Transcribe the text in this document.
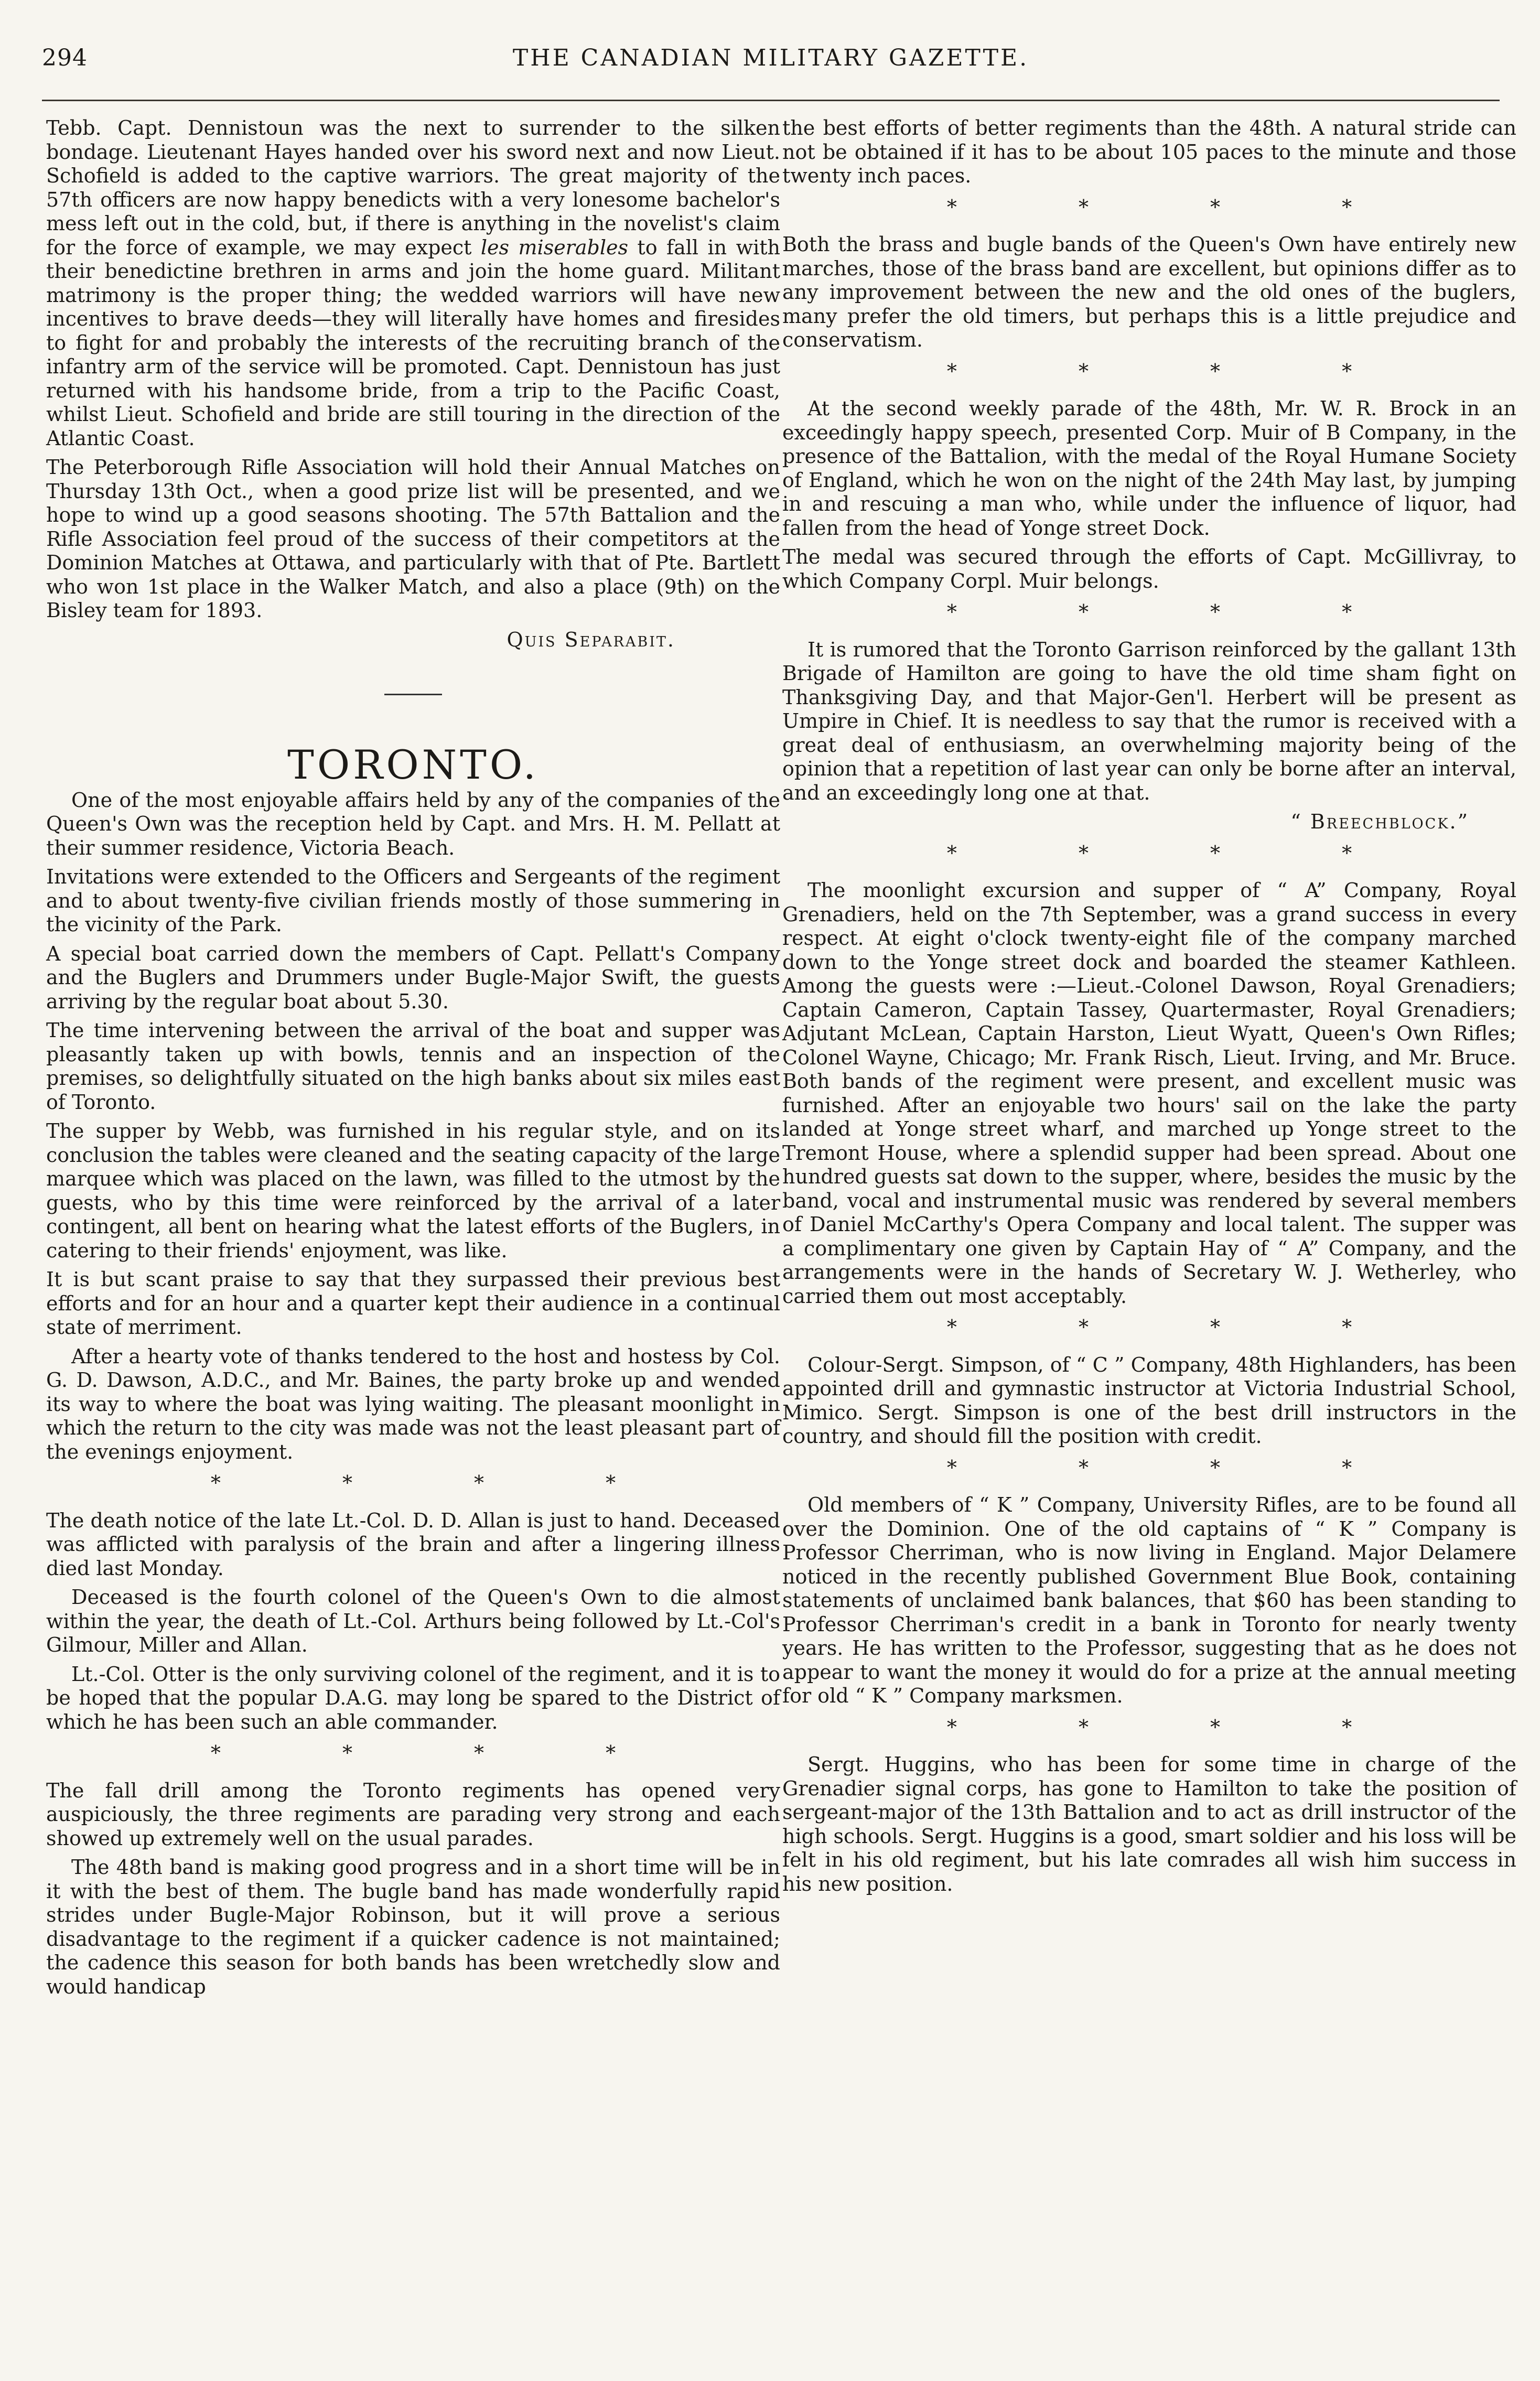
294	THE CANADIAN MILITARY GAZETTE.

Tebb. Capt. Dennistoun was the next to surrender to the silken bondage. Lieutenant Hayes handed over his sword next and now Lieut. Schofield is added to the captive warriors. The great majority of the 57th officers are now happy benedicts with a very lonesome bachelor's mess left out in the cold, but, if there is anything in the novelist's claim for the force of example, we may expect les miserables to fall in with their benedictine brethren in arms and join the home guard. Militant matrimony is the proper thing; the wedded warriors will have new incentives to brave deeds—they will literally have homes and firesides to fight for and probably the interests of the recruiting branch of the infantry arm of the service will be promoted. Capt. Dennistoun has just returned with his handsome bride, from a trip to the Pacific Coast, whilst Lieut. Schofield and bride are still touring in the direction of the Atlantic Coast.

The Peterborough Rifle Association will hold their Annual Matches on Thursday 13th Oct., when a good prize list will be presented, and we hope to wind up a good seasons shooting. The 57th Battalion and the Rifle Association feel proud of the success of their competitors at the Dominion Matches at Ottawa, and particularly with that of Pte. Bartlett who won 1st place in the Walker Match, and also a place (9th) on the Bisley team for 1893.

Quis Separabit.
TORONTO.

One of the most enjoyable affairs held by any of the companies of the Queen's Own was the reception held by Capt. and Mrs. H. M. Pellatt at their summer residence, Victoria Beach.

Invitations were extended to the Officers and Sergeants of the regiment and to about twenty-five civilian friends mostly of those summering in the vicinity of the Park.

A special boat carried down the members of Capt. Pellatt's Company and the Buglers and Drummers under Bugle-Major Swift, the guests arriving by the regular boat about 5.30.

The time intervening between the arrival of the boat and supper was pleasantly taken up with bowls, tennis and an inspection of the premises, so delightfully situated on the high banks about six miles east of Toronto.

The supper by Webb, was furnished in his regular style, and on its conclusion the tables were cleaned and the seating capacity of the large marquee which was placed on the lawn, was filled to the utmost by the guests, who by this time were reinforced by the arrival of a later contingent, all bent on hearing what the latest efforts of the Buglers, in catering to their friends' enjoyment, was like.

It is but scant praise to say that they surpassed their previous best efforts and for an hour and a quarter kept their audience in a continual state of merriment.

After a hearty vote of thanks tendered to the host and hostess by Col. G. D. Dawson, A.D.C., and Mr. Baines, the party broke up and wended its way to where the boat was lying waiting. The pleasant moonlight in which the return to the city was made was not the least pleasant part of the evenings enjoyment.

* * * *

The death notice of the late Lt.-Col. D. D. Allan is just to hand. Deceased was afflicted with paralysis of the brain and after a lingering illness died last Monday.

Deceased is the fourth colonel of the Queen's Own to die almost within the year, the death of Lt.-Col. Arthurs being followed by Lt.-Col's Gilmour, Miller and Allan.

Lt.-Col. Otter is the only surviving colonel of the regiment, and it is to be hoped that the popular D.A.G. may long be spared to the District of which he has been such an able commander.

* * * *

The fall drill among the Toronto regiments has opened very auspiciously, the three regiments are parading very strong and each showed up extremely well on the usual parades.

The 48th band is making good progress and in a short time will be in it with the best of them. The bugle band has made wonderfully rapid strides under Bugle-Major Robinson, but it will prove a serious disadvantage to the regiment if a quicker cadence is not maintained; the cadence this season for both bands has been wretchedly slow and would handicap

the best efforts of better regiments than the 48th. A natural stride can not be obtained if it has to be about 105 paces to the minute and those twenty inch paces.

* * * *

Both the brass and bugle bands of the Queen's Own have entirely new marches, those of the brass band are excellent, but opinions differ as to any improvement between the new and the old ones of the buglers, many prefer the old timers, but perhaps this is a little prejudice and conservatism.

* * * *

At the second weekly parade of the 48th, Mr. W. R. Brock in an exceedingly happy speech, presented Corp. Muir of B Company, in the presence of the Battalion, with the medal of the Royal Humane Society of England, which he won on the night of the 24th May last, by jumping in and rescuing a man who, while under the influence of liquor, had fallen from the head of Yonge street Dock.

The medal was secured through the efforts of Capt. McGillivray, to which Company Corpl. Muir belongs.

* * * *

It is rumored that the Toronto Garrison reinforced by the gallant 13th Brigade of Hamilton are going to have the old time sham fight on Thanksgiving Day, and that Major-Gen'l. Herbert will be present as Umpire in Chief. It is needless to say that the rumor is received with a great deal of enthusiasm, an overwhelming majority being of the opinion that a repetition of last year can only be borne after an interval, and an exceedingly long one at that.

“ Breechblock.”
* * * *

The moonlight excursion and supper of “ A” Company, Royal Grenadiers, held on the 7th September, was a grand success in every respect. At eight o'clock twenty-eight file of the company marched down to the Yonge street dock and boarded the steamer Kathleen. Among the guests were :—Lieut.-Colonel Dawson, Royal Grenadiers; Captain Cameron, Captain Tassey, Quartermaster, Royal Grenadiers; Adjutant McLean, Captain Harston, Lieut Wyatt, Queen's Own Rifles; Colonel Wayne, Chicago; Mr. Frank Risch, Lieut. Irving, and Mr. Bruce. Both bands of the regiment were present, and excellent music was furnished. After an enjoyable two hours' sail on the lake the party landed at Yonge street wharf, and marched up Yonge street to the Tremont House, where a splendid supper had been spread. About one hundred guests sat down to the supper, where, besides the music by the band, vocal and instrumental music was rendered by several members of Daniel McCarthy's Opera Company and local talent. The supper was a complimentary one given by Captain Hay of “ A” Company, and the arrangements were in the hands of Secretary W. J. Wetherley, who carried them out most acceptably.

* * * *

Colour-Sergt. Simpson, of “ C ” Company, 48th Highlanders, has been appointed drill and gymnastic instructor at Victoria Industrial School, Mimico. Sergt. Simpson is one of the best drill instructors in the country, and should fill the position with credit.

* * * *

Old members of “ K ” Company, University Rifles, are to be found all over the Dominion. One of the old captains of “ K ” Company is Professor Cherriman, who is now living in England. Major Delamere noticed in the recently published Government Blue Book, containing statements of unclaimed bank balances, that $60 has been standing to Professor Cherriman's credit in a bank in Toronto for nearly twenty years. He has written to the Professor, suggesting that as he does not appear to want the money it would do for a prize at the annual meeting for old “ K ” Company marksmen.

* * * *

Sergt. Huggins, who has been for some time in charge of the Grenadier signal corps, has gone to Hamilton to take the position of sergeant-major of the 13th Battalion and to act as drill instructor of the high schools. Sergt. Huggins is a good, smart soldier and his loss will be felt in his old regiment, but his late comrades all wish him success in his new position.
